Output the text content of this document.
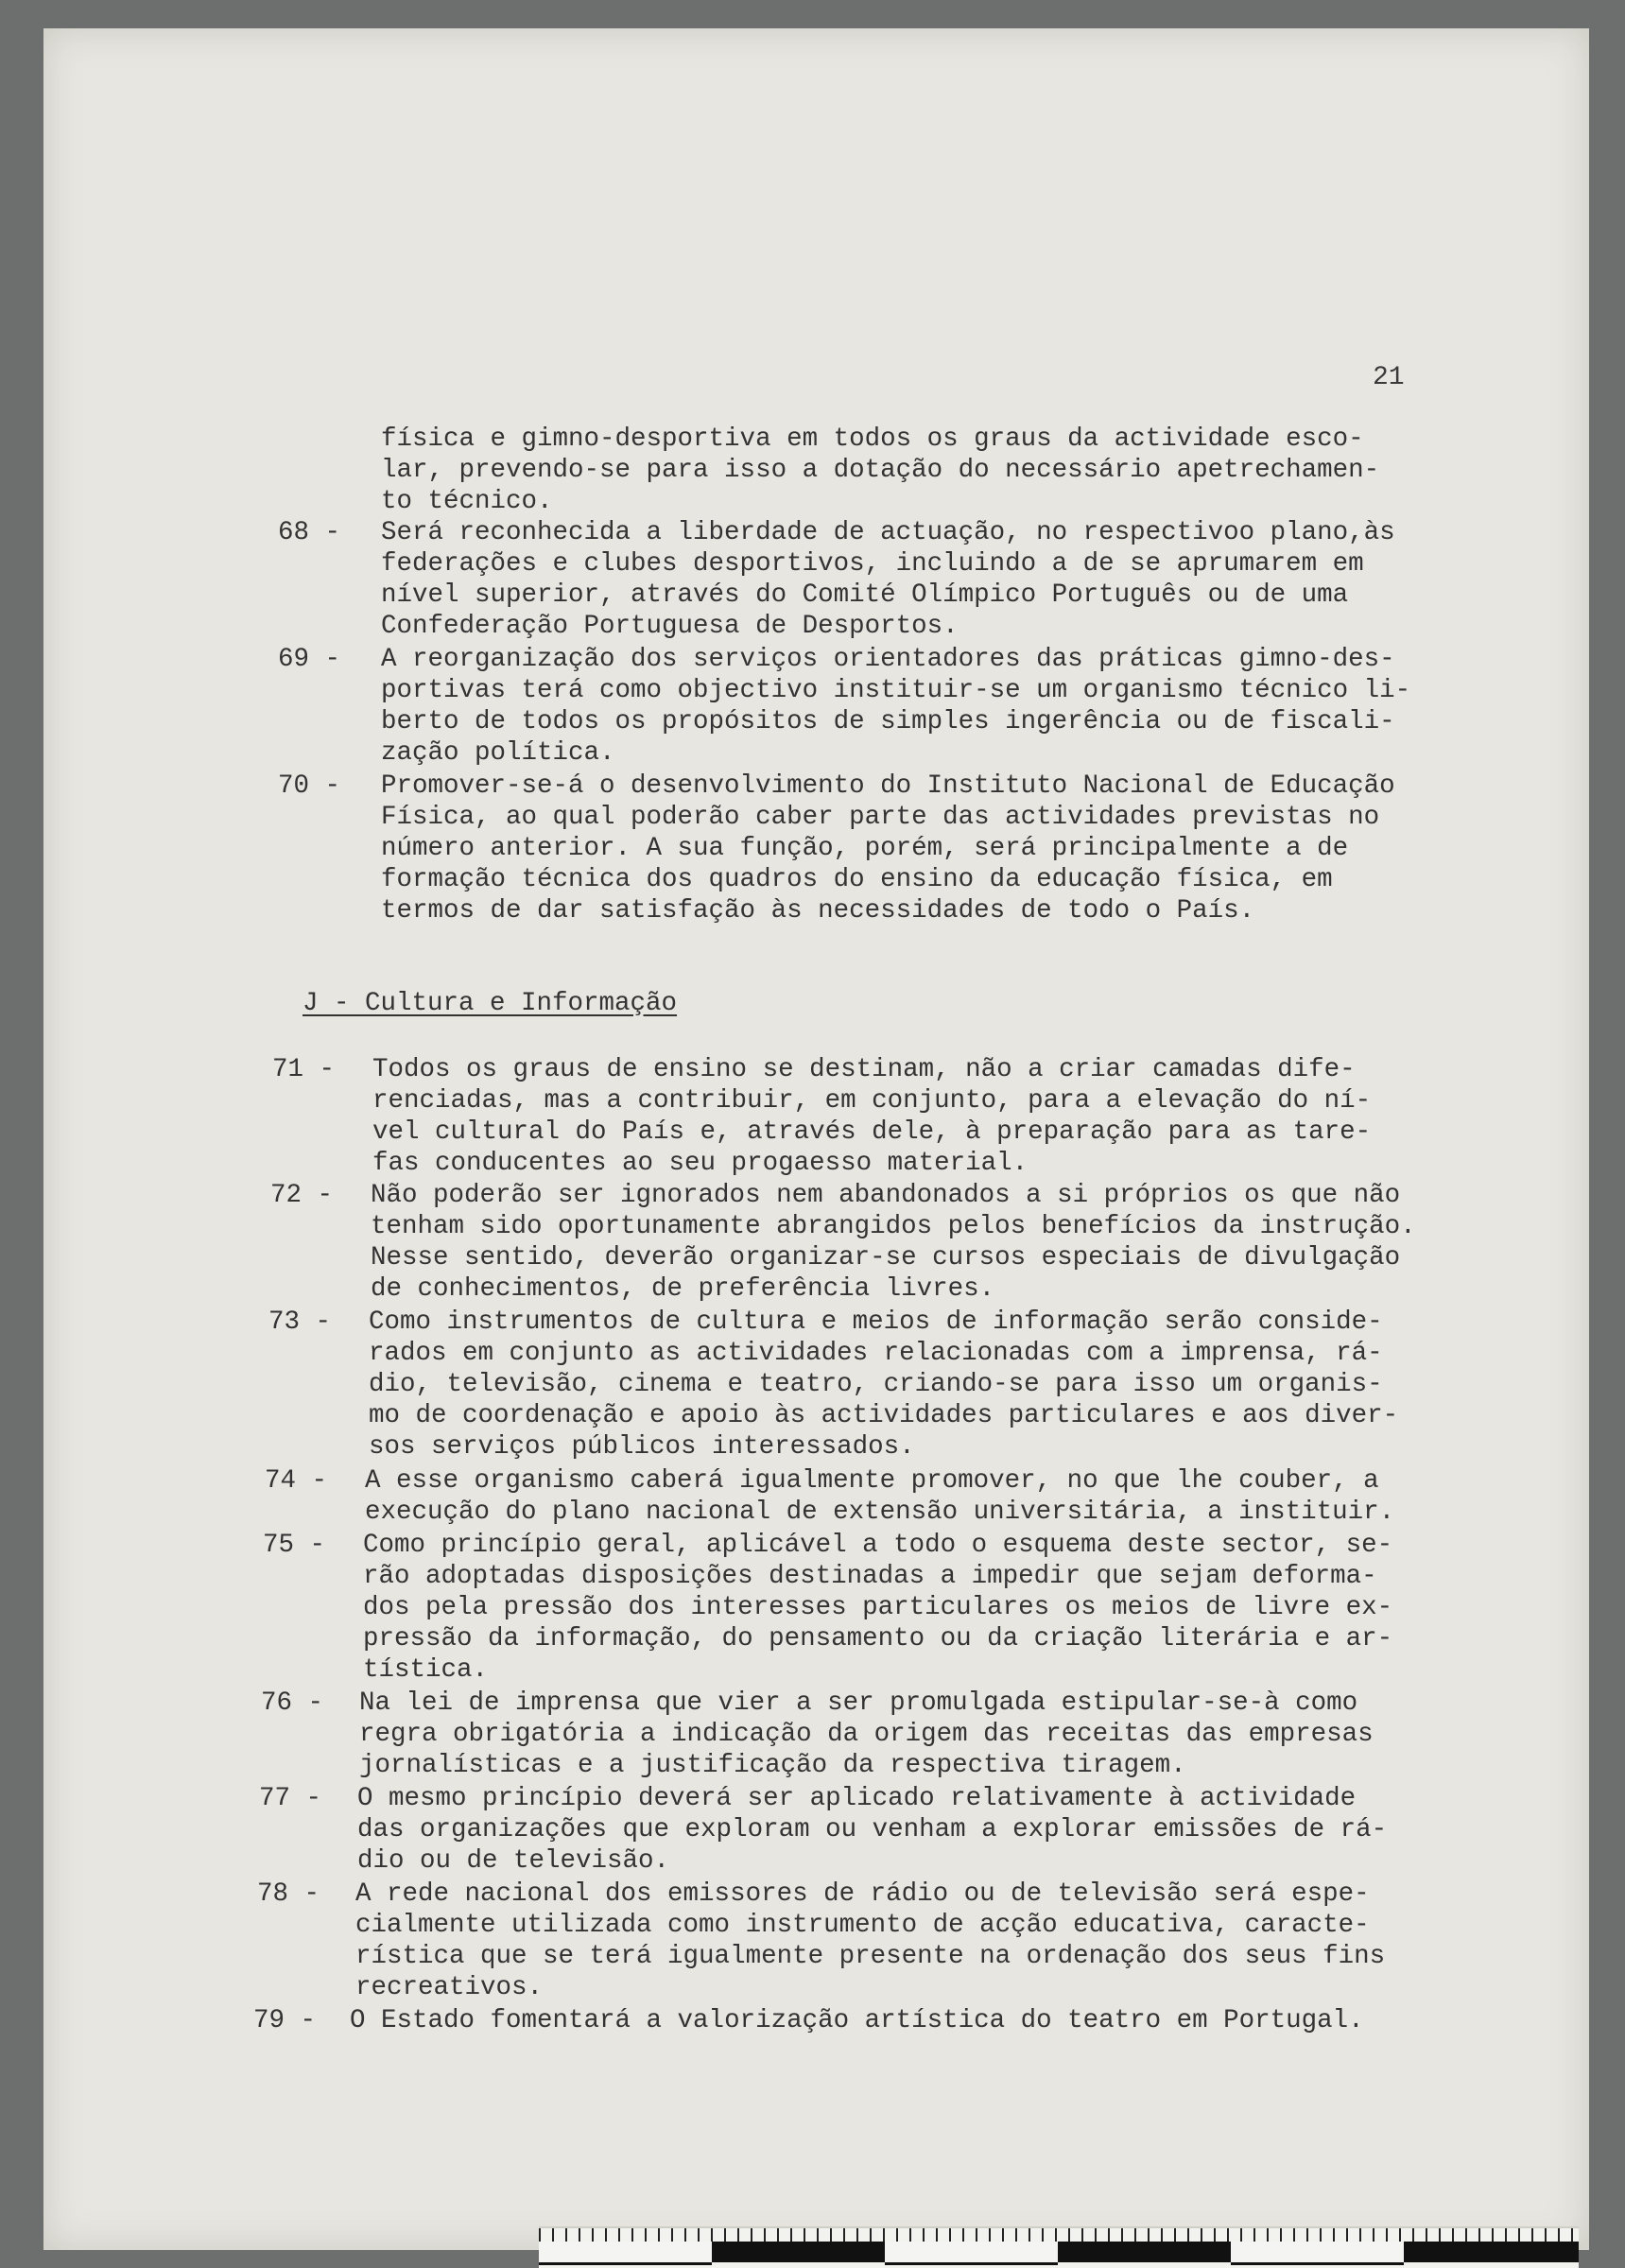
21
física e gimno-desportiva em todos os graus da actividade esco-
lar, prevendo-se para isso a dotação do necessário apetrechamen-
to técnico.
68 - Será reconhecida a liberdade de actuação, no respectivoo plano,às
federações e clubes desportivos, incluindo a de se aprumarem em
nível superior, através do Comité Olímpico Português ou de uma
Confederação Portuguesa de Desportos.
69 - A reorganização dos serviços orientadores das práticas gimno-des-
portivas terá como objectivo instituir-se um organismo técnico li-
berto de todos os propósitos de simples ingerência ou de fiscali-
zação política.
70 - Promover-se-á o desenvolvimento do Instituto Nacional de Educação
Física, ao qual poderão caber parte das actividades previstas no
número anterior. A sua função, porém, será principalmente a de
formação técnica dos quadros do ensino da educação física, em
termos de dar satisfação às necessidades de todo o País.
J - Cultura e Informação
71 - Todos os graus de ensino se destinam, não a criar camadas dife-
renciadas, mas a contribuir, em conjunto, para a elevação do ní-
vel cultural do País e, através dele, à preparação para as tare-
fas conducentes ao seu progaesso material.
72 - Não poderão ser ignorados nem abandonados a si próprios os que não
tenham sido oportunamente abrangidos pelos benefícios da instrução.
Nesse sentido, deverão organizar-se cursos especiais de divulgação
de conhecimentos, de preferência livres.
73 - Como instrumentos de cultura e meios de informação serão conside-
rados em conjunto as actividades relacionadas com a imprensa, rá-
dio, televisão, cinema e teatro, criando-se para isso um organis-
mo de coordenação e apoio às actividades particulares e aos diver-
sos serviços públicos interessados.
74 - A esse organismo caberá igualmente promover, no que lhe couber, a
execução do plano nacional de extensão universitária, a instituir.
75 - Como princípio geral, aplicável a todo o esquema deste sector, se-
rão adoptadas disposições destinadas a impedir que sejam deforma-
dos pela pressão dos interesses particulares os meios de livre ex-
pressão da informação, do pensamento ou da criação literária e ar-
tística.
76 - Na lei de imprensa que vier a ser promulgada estipular-se-à como
regra obrigatória a indicação da origem das receitas das empresas
jornalísticas e a justificação da respectiva tiragem.
77 - O mesmo princípio deverá ser aplicado relativamente à actividade
das organizações que exploram ou venham a explorar emissões de rá-
dio ou de televisão.
78 - A rede nacional dos emissores de rádio ou de televisão será espe-
cialmente utilizada como instrumento de acção educativa, caracte-
rística que se terá igualmente presente na ordenação dos seus fins
recreativos.
79 - O Estado fomentará a valorização artística do teatro em Portugal.
